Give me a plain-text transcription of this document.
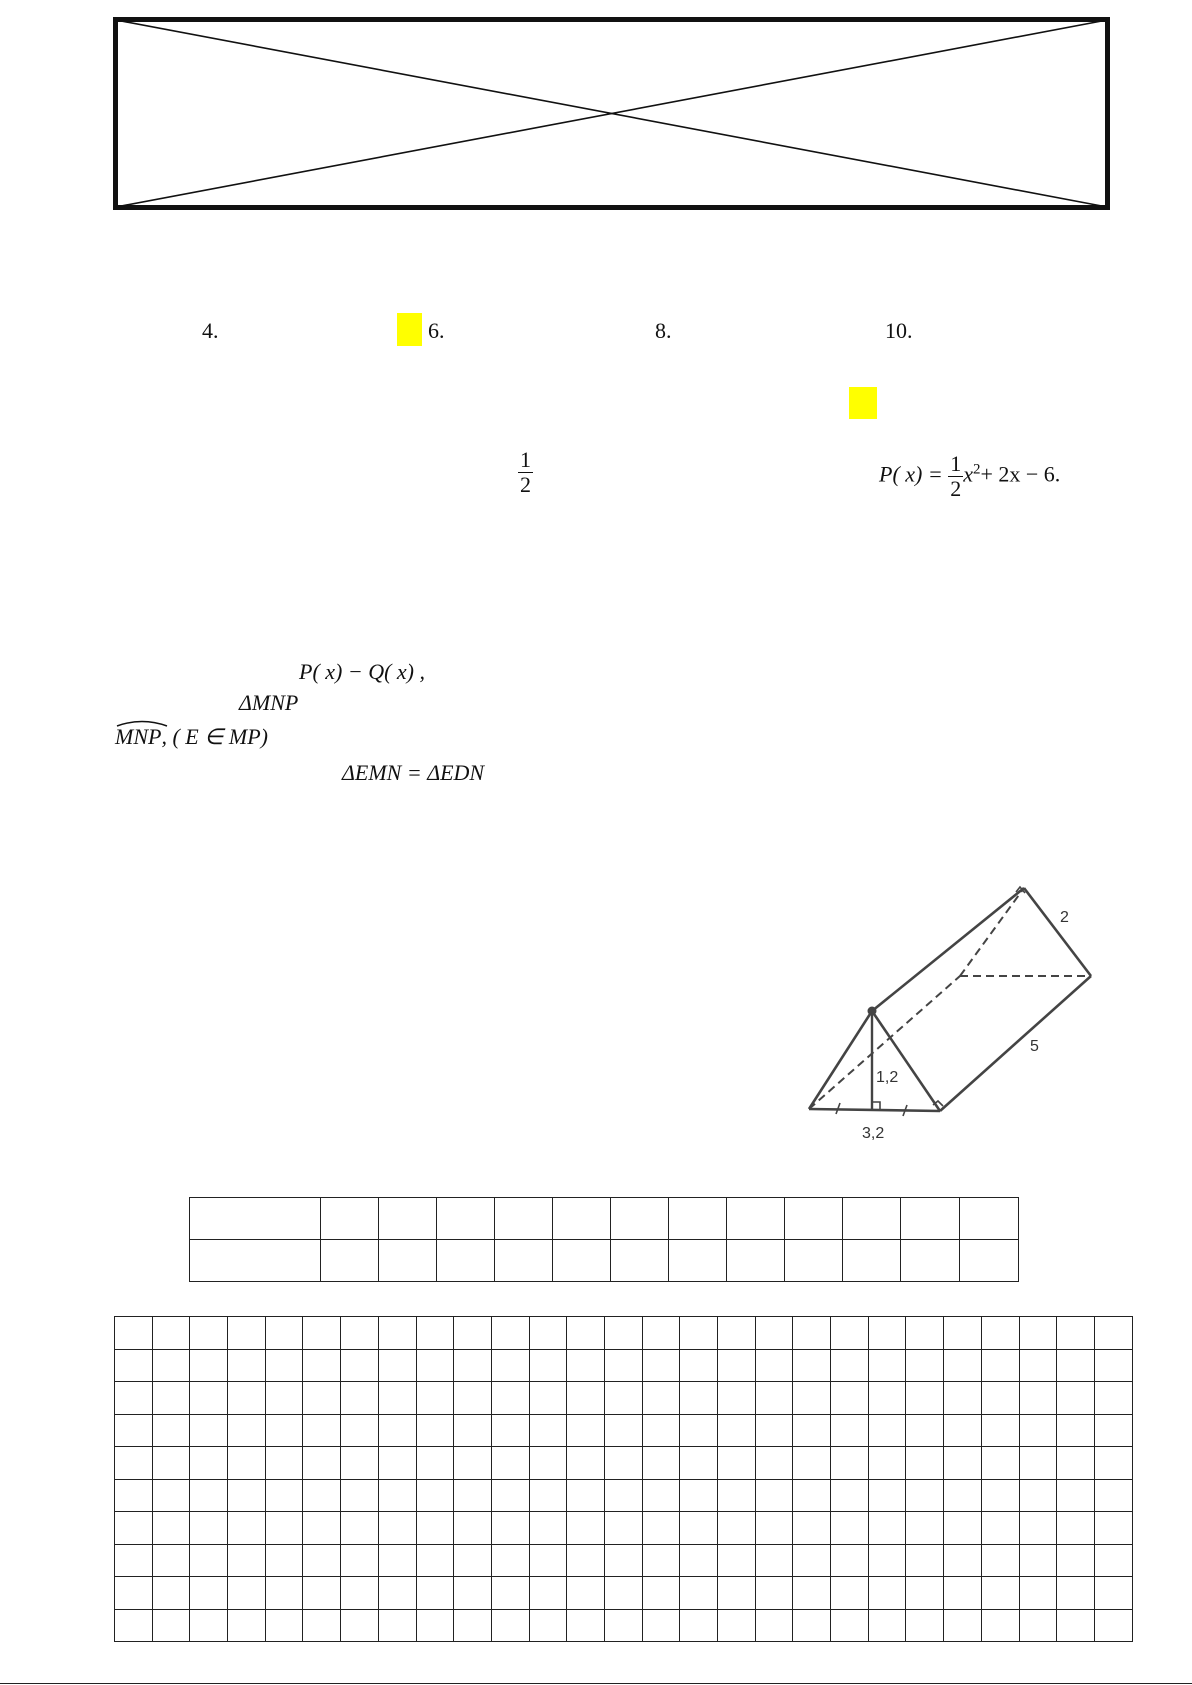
4.	6.	8.	10.
$\frac{1}{2}$	P( $x) = \frac{1}{2} x^2+ 2x - 6$.
P( x) − Q( x) ,
ΔMNP
MNP, ( E ∈ MP)
ΔEMN = ΔEDN
2
5
1,2
3,2
